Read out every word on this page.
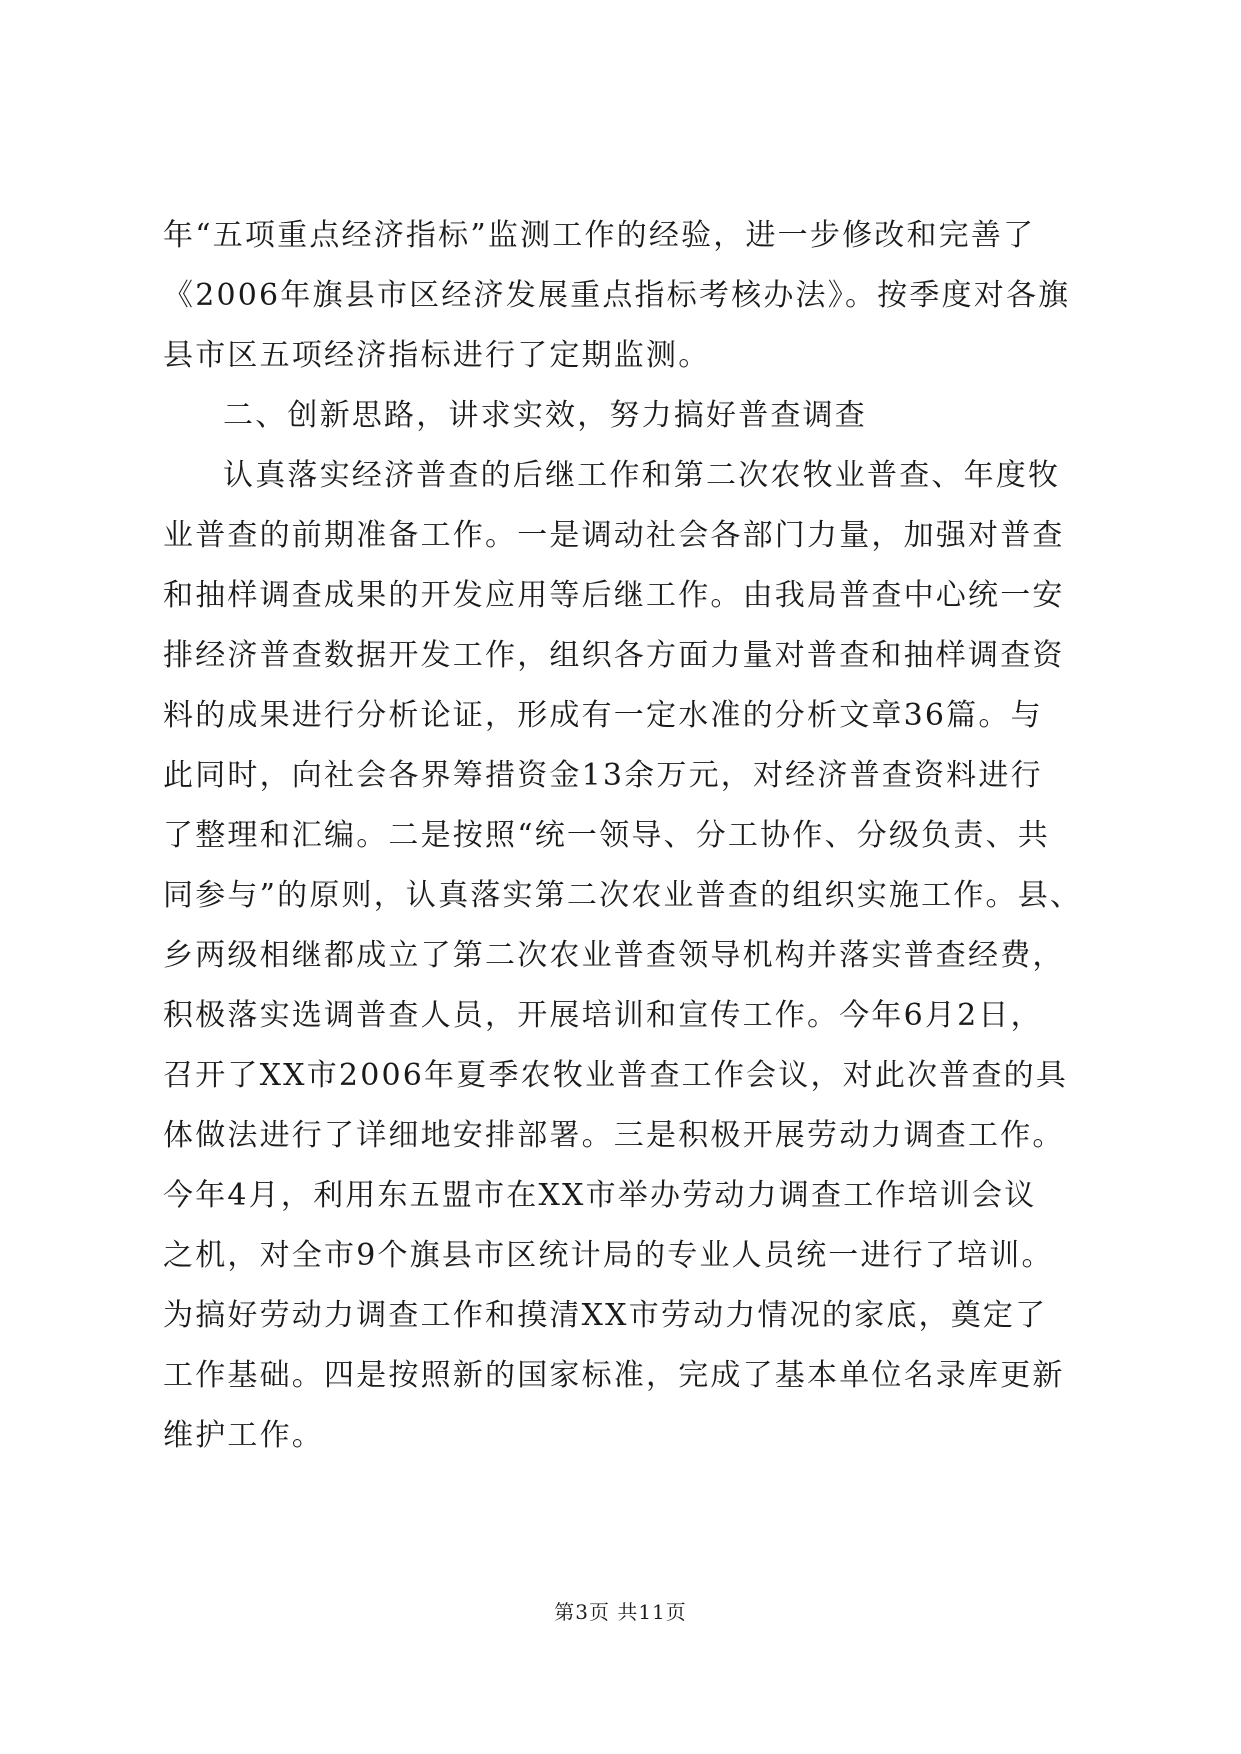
年“五项重点经济指标”监测工作的经验，进一步修改和完善了
《2006年旗县市区经济发展重点指标考核办法》。按季度对各旗
县市区五项经济指标进行了定期监测。
二、创新思路，讲求实效，努力搞好普查调查
认真落实经济普查的后继工作和第二次农牧业普查、年度牧
业普查的前期准备工作。一是调动社会各部门力量，加强对普查
和抽样调查成果的开发应用等后继工作。由我局普查中心统一安
排经济普查数据开发工作，组织各方面力量对普查和抽样调查资
料的成果进行分析论证，形成有一定水准的分析文章36篇。与
此同时，向社会各界筹措资金13余万元，对经济普查资料进行
了整理和汇编。二是按照“统一领导、分工协作、分级负责、共
同参与”的原则，认真落实第二次农业普查的组织实施工作。县、
乡两级相继都成立了第二次农业普查领导机构并落实普查经费，
积极落实选调普查人员，开展培训和宣传工作。今年6月2日，
召开了XX市2006年夏季农牧业普查工作会议，对此次普查的具
体做法进行了详细地安排部署。三是积极开展劳动力调查工作。
今年4月，利用东五盟市在XX市举办劳动力调查工作培训会议
之机，对全市9个旗县市区统计局的专业人员统一进行了培训。
为搞好劳动力调查工作和摸清XX市劳动力情况的家底，奠定了
工作基础。四是按照新的国家标准，完成了基本单位名录库更新
维护工作。
第3页 共11页
